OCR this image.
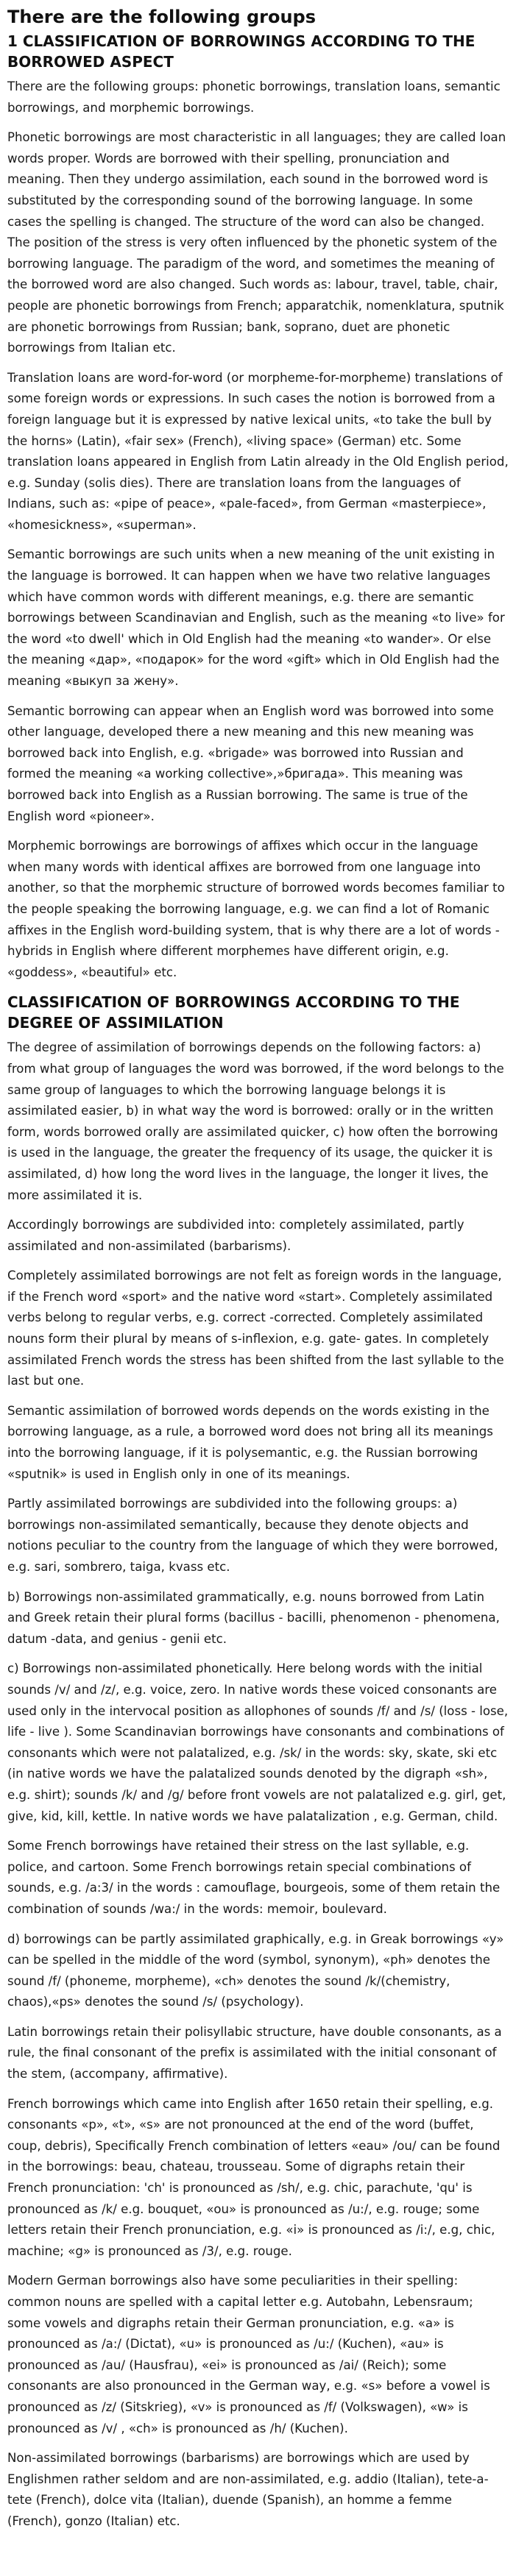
There are the following groups
1 CLASSIFICATION OF BORROWINGS ACCORDING TO THE BORROWED ASPECT

There are the following groups: phonetic borrowings, translation loans, semantic borrowings, and morphemic borrowings.

Phonetic borrowings are most characteristic in all languages; they are called loan words proper. Words are borrowed with their spelling, pronunciation and meaning. Then they undergo assimilation, each sound in the borrowed word is substituted by the corresponding sound of the borrowing language. In some cases the spelling is changed. The structure of the word can also be changed. The position of the stress is very often influenced by the phonetic system of the borrowing language. The paradigm of the word, and sometimes the meaning of the borrowed word are also changed. Such words as: labour, travel, table, chair, people are phonetic borrowings from French; apparatchik, nomenklatura, sputnik are phonetic borrowings from Russian; bank, soprano, duet are phonetic borrowings from Italian etc.

Translation loans are word-for-word (or morpheme-for-morpheme) translations of some foreign words or expressions. In such cases the notion is borrowed from a foreign language but it is expressed by native lexical units, «to take the bull by the horns» (Latin), «fair sex» (French), «living space» (German) etc. Some translation loans appeared in English from Latin already in the Old English period, e.g. Sunday (solis dies). There are translation loans from the languages of Indians, such as: «pipe of peace», «pale-faced», from German «masterpiece», «homesickness», «superman».

Semantic borrowings are such units when a new meaning of the unit existing in the language is borrowed. It can happen when we have two relative languages which have common words with different meanings, e.g. there are semantic borrowings between Scandinavian and English, such as the meaning «to live» for the word «to dwell' which in Old English had the meaning «to wander». Or else the meaning «дар», «подарок» for the word «gift» which in Old English had the meaning «выкуп за жену».

Semantic borrowing can appear when an English word was borrowed into some other language, developed there a new meaning and this new meaning was borrowed back into English, e.g. «brigade» was borrowed into Russian and formed the meaning «a working collective»,»бригада». This meaning was borrowed back into English as a Russian borrowing. The same is true of the English word «pioneer».

Morphemic borrowings are borrowings of affixes which occur in the language when many words with identical affixes are borrowed from one language into another, so that the morphemic structure of borrowed words becomes familiar to the people speaking the borrowing language, e.g. we can find a lot of Romanic affixes in the English word-building system, that is why there are a lot of words - hybrids in English where different morphemes have different origin, e.g. «goddess», «beautiful» etc.

CLASSIFICATION OF BORROWINGS ACCORDING TO THE DEGREE OF ASSIMILATION

The degree of assimilation of borrowings depends on the following factors: a) from what group of languages the word was borrowed, if the word belongs to the same group of languages to which the borrowing language belongs it is assimilated easier, b) in what way the word is borrowed: orally or in the written form, words borrowed orally are assimilated quicker, c) how often the borrowing is used in the language, the greater the frequency of its usage, the quicker it is assimilated, d) how long the word lives in the language, the longer it lives, the more assimilated it is.

Accordingly borrowings are subdivided into: completely assimilated, partly assimilated and non-assimilated (barbarisms).

Completely assimilated borrowings are not felt as foreign words in the language, if the French word «sport» and the native word «start». Completely assimilated verbs belong to regular verbs, e.g. correct -corrected. Completely assimilated nouns form their plural by means of s-inflexion, e.g. gate- gates. In completely assimilated French words the stress has been shifted from the last syllable to the last but one.

Semantic assimilation of borrowed words depends on the words existing in the borrowing language, as a rule, a borrowed word does not bring all its meanings into the borrowing language, if it is polysemantic, e.g. the Russian borrowing «sputnik» is used in English only in one of its meanings.

Partly assimilated borrowings are subdivided into the following groups: a) borrowings non-assimilated semantically, because they denote objects and notions peculiar to the country from the language of which they were borrowed, e.g. sari, sombrero, taiga, kvass etc.

b) Borrowings non-assimilated grammatically, e.g. nouns borrowed from Latin and Greek retain their plural forms (bacillus - bacilli, phenomenon - phenomena, datum -data, and genius - genii etc.

c) Borrowings non-assimilated phonetically. Here belong words with the initial sounds /v/ and /z/, e.g. voice, zero. In native words these voiced consonants are used only in the intervocal position as allophones of sounds /f/ and /s/ (loss - lose, life - live ). Some Scandinavian borrowings have consonants and combinations of consonants which were not palatalized, e.g. /sk/ in the words: sky, skate, ski etc (in native words we have the palatalized sounds denoted by the digraph «sh», e.g. shirt); sounds /k/ and /g/ before front vowels are not palatalized e.g. girl, get, give, kid, kill, kettle. In native words we have palatalization , e.g. German, child.

Some French borrowings have retained their stress on the last syllable, e.g. police, and cartoon. Some French borrowings retain special combinations of sounds, e.g. /a:3/ in the words : camouflage, bourgeois, some of them retain the combination of sounds /wa:/ in the words: memoir, boulevard.

d) borrowings can be partly assimilated graphically, e.g. in Greak borrowings «y» can be spelled in the middle of the word (symbol, synonym), «ph» denotes the sound /f/ (phoneme, morpheme), «ch» denotes the sound /k/(chemistry, chaos),«ps» denotes the sound /s/ (psychology).

Latin borrowings retain their polisyllabic structure, have double consonants, as a rule, the final consonant of the prefix is assimilated with the initial consonant of the stem, (accompany, affirmative).

French borrowings which came into English after 1650 retain their spelling, e.g. consonants «p», «t», «s» are not pronounced at the end of the word (buffet, coup, debris), Specifically French combination of letters «eau» /ou/ can be found in the borrowings: beau, chateau, trousseau. Some of digraphs retain their French pronunciation: 'ch' is pronounced as /sh/, e.g. chic, parachute, 'qu' is pronounced as /k/ e.g. bouquet, «ou» is pronounced as /u:/, e.g. rouge; some letters retain their French pronunciation, e.g. «i» is pronounced as /i:/, e.g, chic, machine; «g» is pronounced as /3/, e.g. rouge.

Modern German borrowings also have some peculiarities in their spelling: common nouns are spelled with a capital letter e.g. Autobahn, Lebensraum; some vowels and digraphs retain their German pronunciation, e.g. «a» is pronounced as /a:/ (Dictat), «u» is pronounced as /u:/ (Kuchen), «au» is pronounced as /au/ (Hausfrau), «ei» is pronounced as /ai/ (Reich); some consonants are also pronounced in the German way, e.g. «s» before a vowel is pronounced as /z/ (Sitskrieg), «v» is pronounced as /f/ (Volkswagen), «w» is pronounced as /v/ , «ch» is pronounced as /h/ (Kuchen).

Non-assimilated borrowings (barbarisms) are borrowings which are used by Englishmen rather seldom and are non-assimilated, e.g. addio (Italian), tete-a-tete (French), dolce vita (Italian), duende (Spanish), an homme a femme (French), gonzo (Italian) etc.
